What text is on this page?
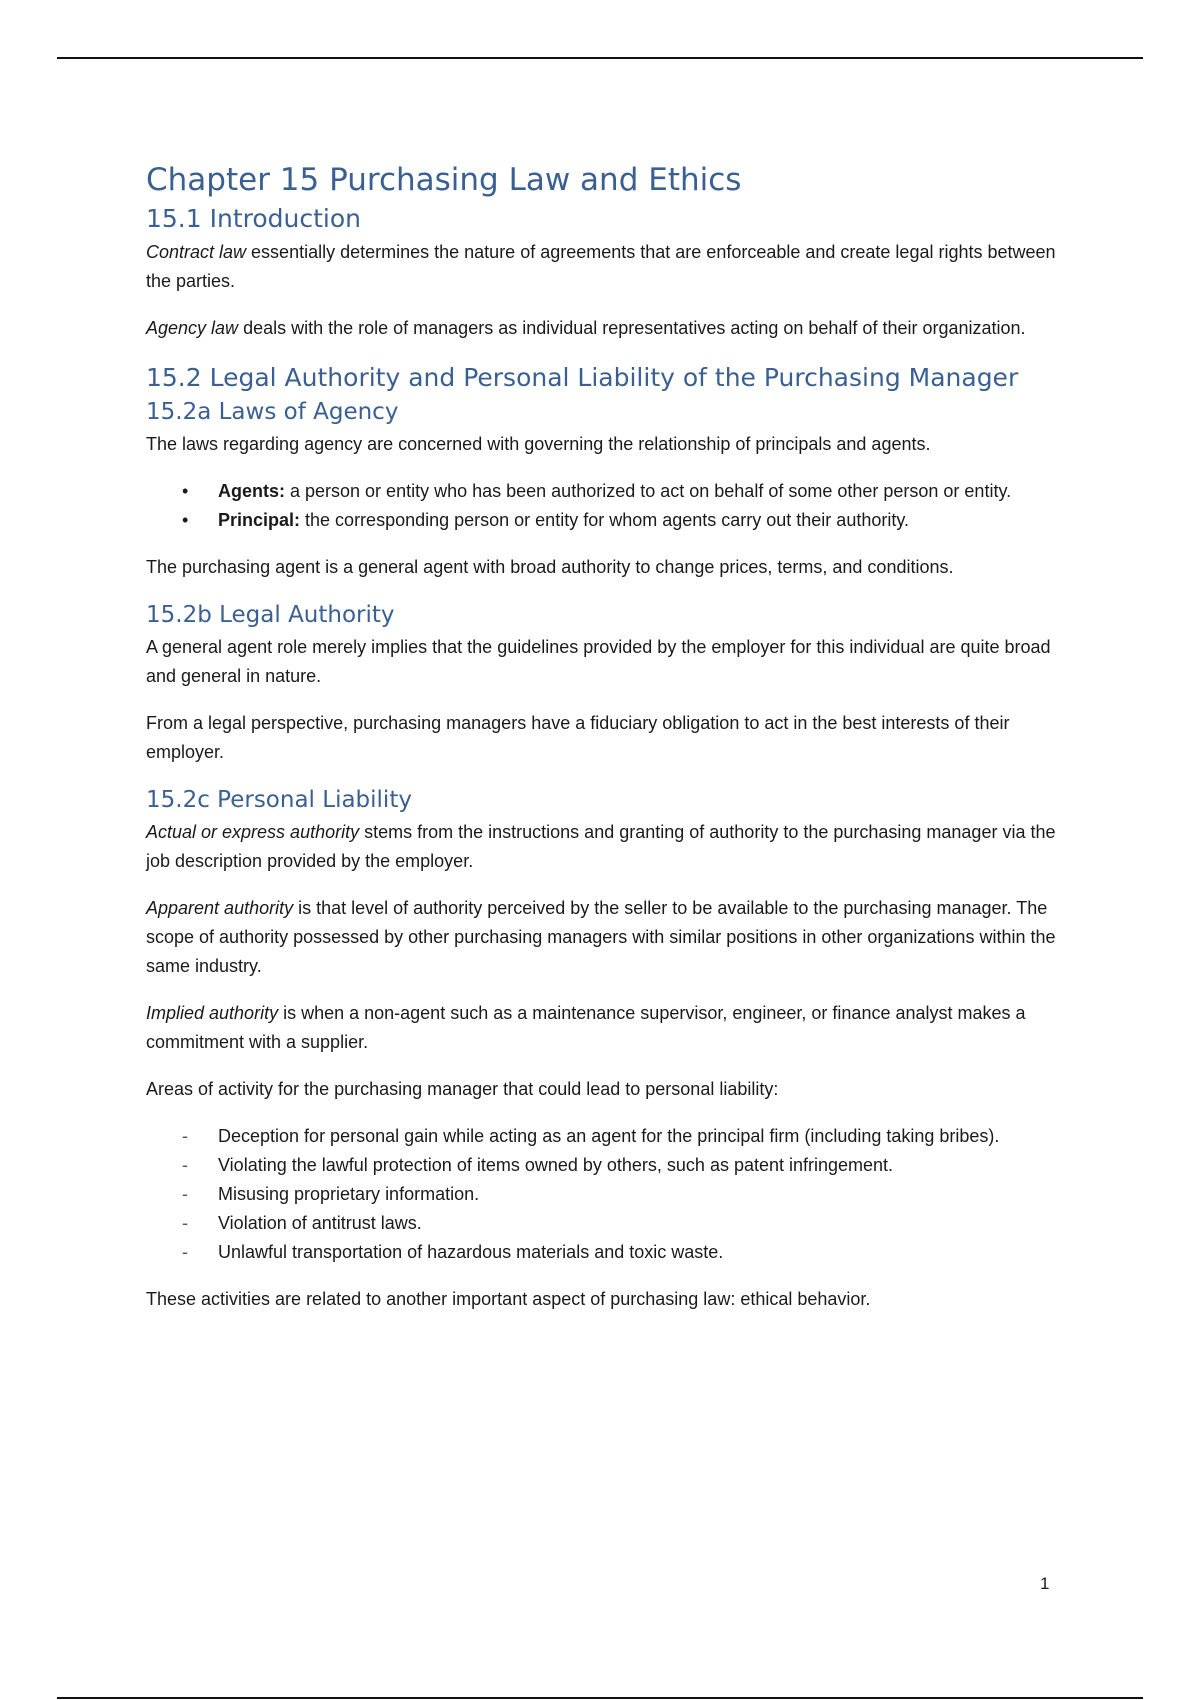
Chapter 15 Purchasing Law and Ethics
15.1 Introduction

Contract law essentially determines the nature of agreements that are enforceable and create legal rights between the parties.

Agency law deals with the role of managers as individual representatives acting on behalf of their organization.

15.2 Legal Authority and Personal Liability of the Purchasing Manager
15.2a Laws of Agency

The laws regarding agency are concerned with governing the relationship of principals and agents.

•	Agents: a person or entity who has been authorized to act on behalf of some other person or entity.
•	Principal: the corresponding person or entity for whom agents carry out their authority.

The purchasing agent is a general agent with broad authority to change prices, terms, and conditions.

15.2b Legal Authority

A general agent role merely implies that the guidelines provided by the employer for this individual are quite broad and general in nature.

From a legal perspective, purchasing managers have a fiduciary obligation to act in the best interests of their employer.

15.2c Personal Liability

Actual or express authority stems from the instructions and granting of authority to the purchasing manager via the job description provided by the employer.

Apparent authority is that level of authority perceived by the seller to be available to the purchasing manager. The scope of authority possessed by other purchasing managers with similar positions in other organizations within the same industry.

Implied authority is when a non-agent such as a maintenance supervisor, engineer, or finance analyst makes a commitment with a supplier.

Areas of activity for the purchasing manager that could lead to personal liability:

-	Deception for personal gain while acting as an agent for the principal firm (including taking bribes).
-	Violating the lawful protection of items owned by others, such as patent infringement.
-	Misusing proprietary information.
-	Violation of antitrust laws.
-	Unlawful transportation of hazardous materials and toxic waste.

These activities are related to another important aspect of purchasing law: ethical behavior.

1
